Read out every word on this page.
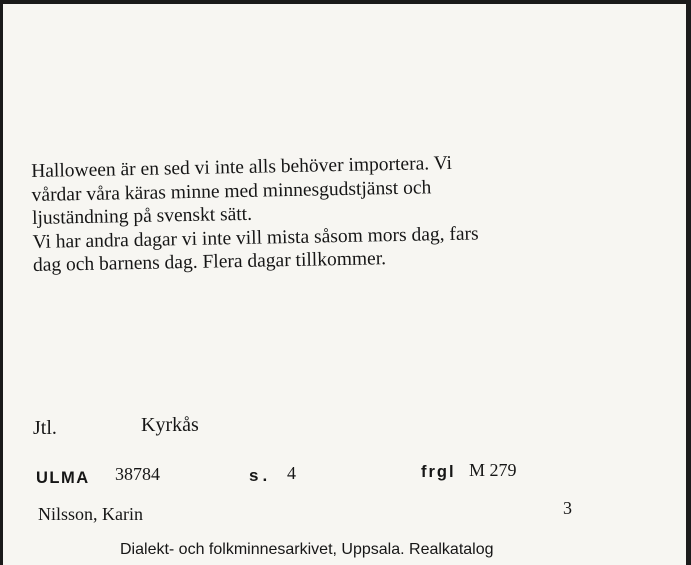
Halloween är en sed vi inte alls behöver importera. Vi
vårdar våra käras minne med minnesgudstjänst och
ljuständning på svenskt sätt.
Vi har andra dagar vi inte vill mista såsom mors dag, fars
dag och barnens dag. Flera dagar tillkommer.
Jtl.	Kyrkås
ULMA 38784	s. 4	frgl M 279
Nilsson, Karin	3
Dialekt- och folkminnesarkivet, Uppsala. Realkatalog
